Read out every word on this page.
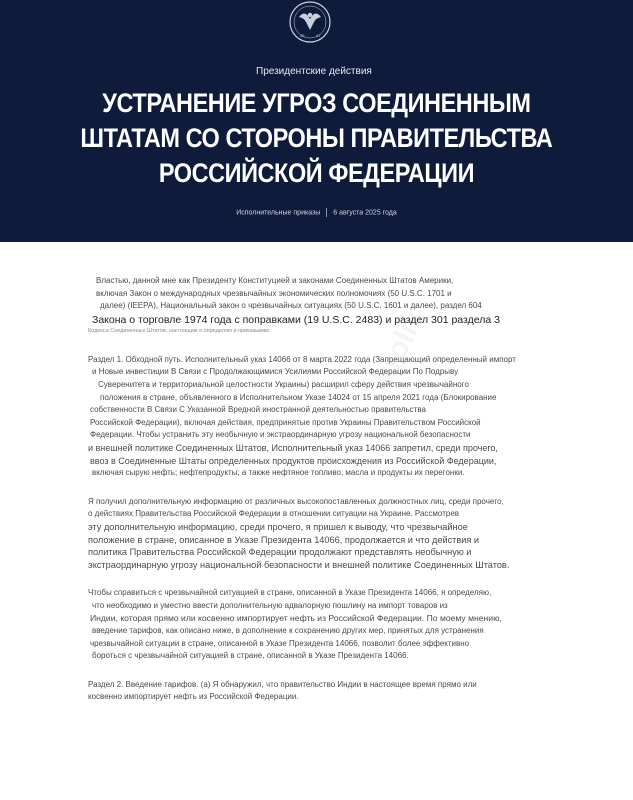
45	47
Президентские действия
УСТРАНЕНИЕ УГРОЗ СОЕДИНЕННЫМ
ШТАТАМ СО СТОРОНЫ ПРАВИТЕЛЬСТВА
РОССИЙСКОЙ ФЕДЕРАЦИИ
Исполнительные приказы 6 августа 2025 года
krolik
Властью, данной мне как Президенту Конституцией и законами Соединенных Штатов Америки,
включая Закон о международных чрезвычайных экономических полномочиях (50 U.S.C. 1701 и
далее) (IEEPA), Национальный закон о чрезвычайных ситуациях (50 U.S.C. 1601 и далее), раздел 604
Закона о торговле 1974 года с поправками (19 U.S.C. 2483) и раздел 301 раздела 3
Кодекса Соединенных Штатов, настоящим я определяю и приказываю:
Раздел 1. Обходной путь. Исполнительный указ 14066 от 8 марта 2022 года (Запрещающий определенный импорт
и Новые инвестиции В Связи с Продолжающимися Усилиями Российской Федерации По Подрыву
Суверенитета и территориальной целостности Украины) расширил сферу действия чрезвычайного
положения в стране, объявленного в Исполнительном Указе 14024 от 15 апреля 2021 года (Блокирование
собственности В Связи С Указанной Вредной иностранной деятельностью правительства
Российской Федерации), включая действия, предпринятые против Украины Правительством Российской
Федерации. Чтобы устранить эту необычную и экстраординарную угрозу национальной безопасности
и внешней политике Соединенных Штатов, Исполнительный указ 14066 запретил, среди прочего,
ввоз в Соединенные Штаты определенных продуктов происхождения из Российской Федерации,
включая сырую нефть; нефтепродукты; а также нефтяное топливо, масла и продукты их перегонки.
Я получил дополнительную информацию от различных высокопоставленных должностных лиц, среди прочего,
о действиях Правительства Российской Федерации в отношении ситуации на Украине. Рассмотрев
эту дополнительную информацию, среди прочего, я пришел к выводу, что чрезвычайное
положение в стране, описанное в Указе Президента 14066, продолжается и что действия и
политика Правительства Российской Федерации продолжают представлять необычную и
экстраординарную угрозу национальной безопасности и внешней политике Соединенных Штатов.
Чтобы справиться с чрезвычайной ситуацией в стране, описанной в Указе Президента 14066, я определяю,
что необходимо и уместно ввести дополнительную адвалорную пошлину на импорт товаров из
Индии, которая прямо или косвенно импортирует нефть из Российской Федерации. По моему мнению,
введение тарифов, как описано ниже, в дополнение к сохранению других мер, принятых для устранения
чрезвычайной ситуации в стране, описанной в Указе Президента 14066, позволит более эффективно
бороться с чрезвычайной ситуацией в стране, описанной в Указе Президента 14066.
Раздел 2. Введение тарифов. (а) Я обнаружил, что правительство Индии в настоящее время прямо или
косвенно импортирует нефть из Российской Федерации.
